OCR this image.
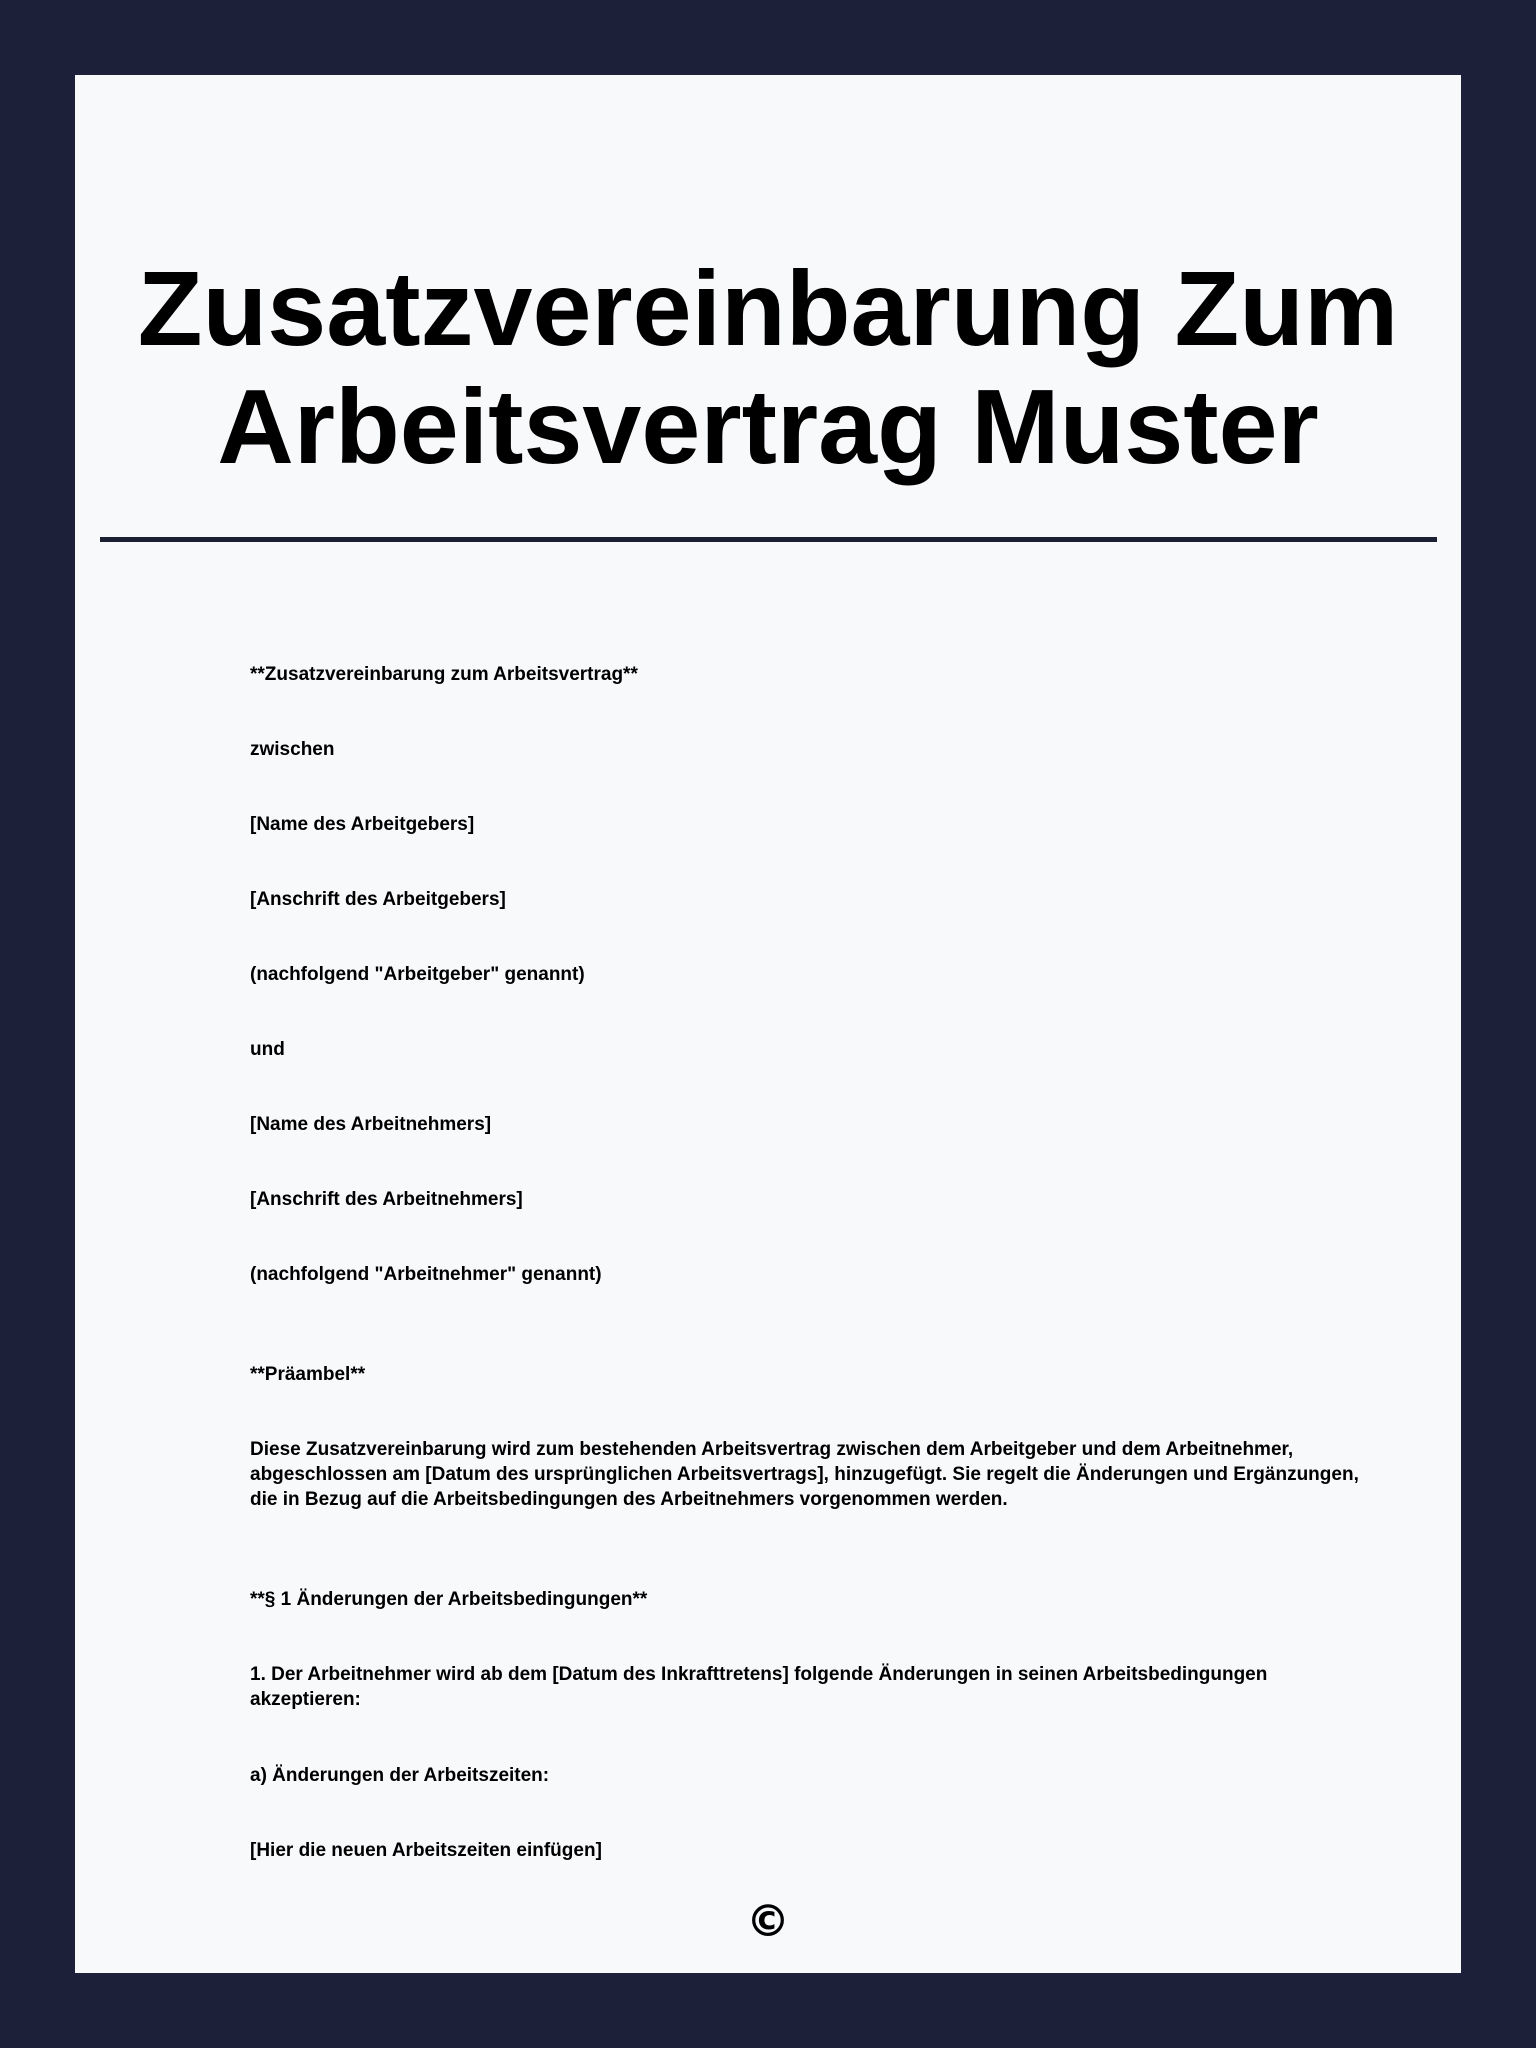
Zusatzvereinbarung Zum
Arbeitsvertrag Muster

**Zusatzvereinbarung zum Arbeitsvertrag**

zwischen

[Name des Arbeitgebers]

[Anschrift des Arbeitgebers]

(nachfolgend "Arbeitgeber" genannt)

und

[Name des Arbeitnehmers]

[Anschrift des Arbeitnehmers]

(nachfolgend "Arbeitnehmer" genannt)

**Präambel**

Diese Zusatzvereinbarung wird zum bestehenden Arbeitsvertrag zwischen dem Arbeitgeber und dem Arbeitnehmer, abgeschlossen am [Datum des ursprünglichen Arbeitsvertrags], hinzugefügt. Sie regelt die Änderungen und Ergänzungen, die in Bezug auf die Arbeitsbedingungen des Arbeitnehmers vorgenommen werden.

**§ 1 Änderungen der Arbeitsbedingungen**

1. Der Arbeitnehmer wird ab dem [Datum des Inkrafttretens] folgende Änderungen in seinen Arbeitsbedingungen akzeptieren:

a) Änderungen der Arbeitszeiten:

[Hier die neuen Arbeitszeiten einfügen]

©
